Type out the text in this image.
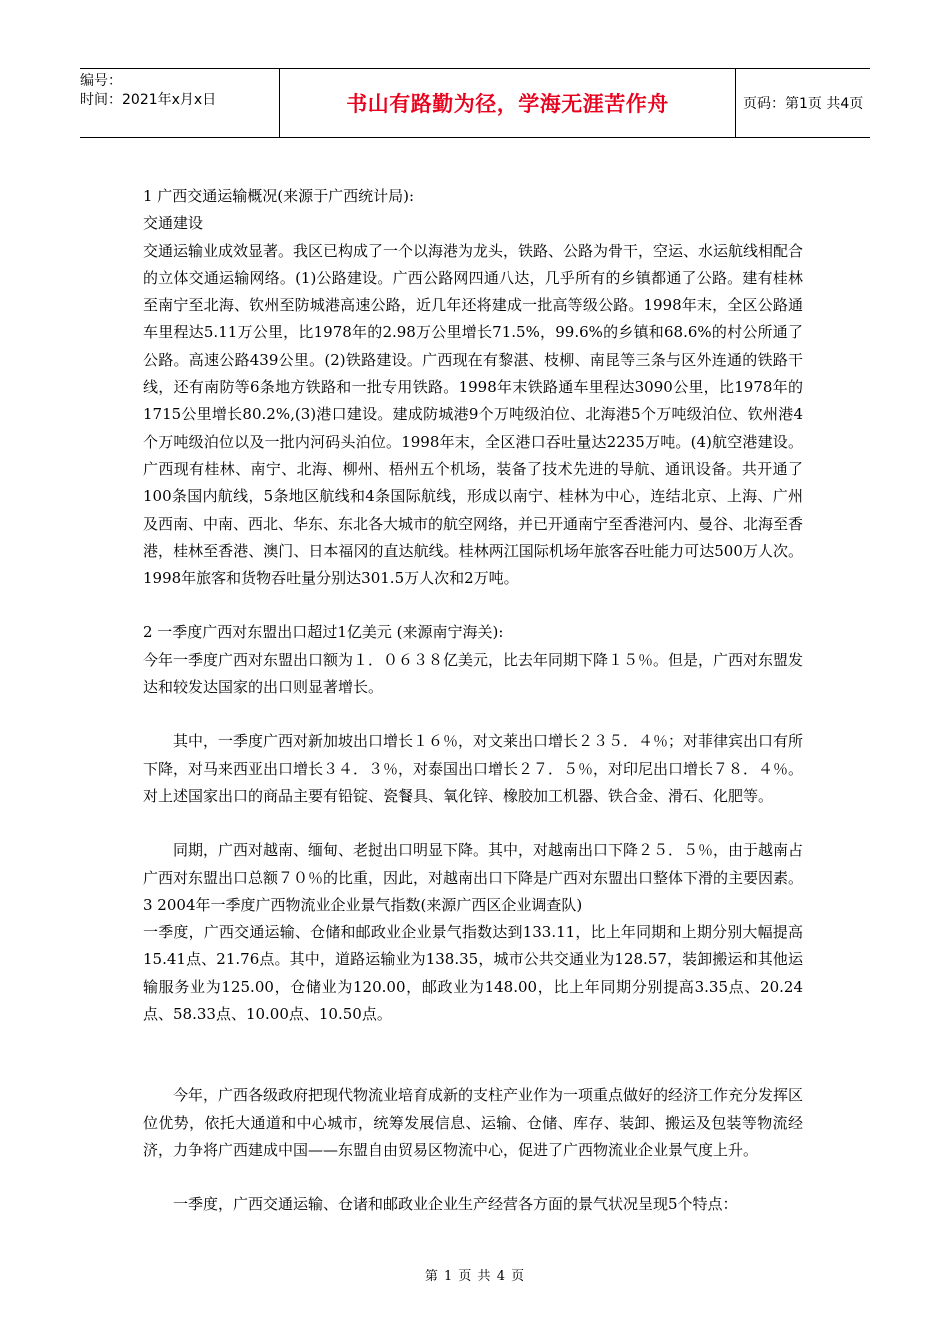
编号：
时间：2021年x月x日	书山有路勤为径，学海无涯苦作舟	页码：第1页 共4页

1 广西交通运输概况(来源于广西统计局):

交通建设

交通运输业成效显著。我区已构成了一个以海港为龙头，铁路、公路为骨干，空运、水运航线相配合的立体交通运输网络。(1)公路建设。广西公路网四通八达，几乎所有的乡镇都通了公路。建有桂林至南宁至北海、钦州至防城港高速公路，近几年还将建成一批高等级公路。1998年末，全区公路通车里程达5.11万公里，比1978年的2.98万公里增长71.5%，99.6%的乡镇和68.6%的村公所通了公路。高速公路439公里。(2)铁路建设。广西现在有黎湛、枝柳、南昆等三条与区外连通的铁路干线，还有南防等6条地方铁路和一批专用铁路。1998年末铁路通车里程达3090公里，比1978年的1715公里增长80.2%,(3)港口建设。建成防城港9个万吨级泊位、北海港5个万吨级泊位、钦州港4个万吨级泊位以及一批内河码头泊位。1998年末，全区港口吞吐量达2235万吨。(4)航空港建设。广西现有桂林、南宁、北海、柳州、梧州五个机场，装备了技术先进的导航、通讯设备。共开通了100条国内航线，5条地区航线和4条国际航线，形成以南宁、桂林为中心，连结北京、上海、广州及西南、中南、西北、华东、东北各大城市的航空网络，并已开通南宁至香港河内、曼谷、北海至香港，桂林至香港、澳门、日本福冈的直达航线。桂林两江国际机场年旅客吞吐能力可达500万人次。1998年旅客和货物吞吐量分别达301.5万人次和2万吨。

2 一季度广西对东盟出口超过1亿美元 (来源南宁海关):

今年一季度广西对东盟出口额为１．０６３８亿美元，比去年同期下降１５％。但是，广西对东盟发达和较发达国家的出口则显著增长。

其中，一季度广西对新加坡出口增长１６％，对文莱出口增长２３５．４％；对菲律宾出口有所下降，对马来西亚出口增长３４．３％，对泰国出口增长２７．５％，对印尼出口增长７８．４％。对上述国家出口的商品主要有铅锭、瓷餐具、氧化锌、橡胶加工机器、铁合金、滑石、化肥等。

同期，广西对越南、缅甸、老挝出口明显下降。其中，对越南出口下降２５．５％，由于越南占广西对东盟出口总额７０％的比重，因此，对越南出口下降是广西对东盟出口整体下滑的主要因素。

3 2004年一季度广西物流业企业景气指数(来源广西区企业调查队)

一季度，广西交通运输、仓储和邮政业企业景气指数达到133.11，比上年同期和上期分别大幅提高15.41点、21.76点。其中，道路运输业为138.35，城市公共交通业为128.57，装卸搬运和其他运输服务业为125.00，仓储业为120.00，邮政业为148.00，比上年同期分别提高3.35点、20.24点、58.33点、10.00点、10.50点。

今年，广西各级政府把现代物流业培育成新的支柱产业作为一项重点做好的经济工作充分发挥区位优势，依托大通道和中心城市，统筹发展信息、运输、仓储、库存、装卸、搬运及包装等物流经济，力争将广西建成中国——东盟自由贸易区物流中心，促进了广西物流业企业景气度上升。

一季度，广西交通运输、仓诸和邮政业企业生产经营各方面的景气状况呈现5个特点：

第 1 页 共 4 页
